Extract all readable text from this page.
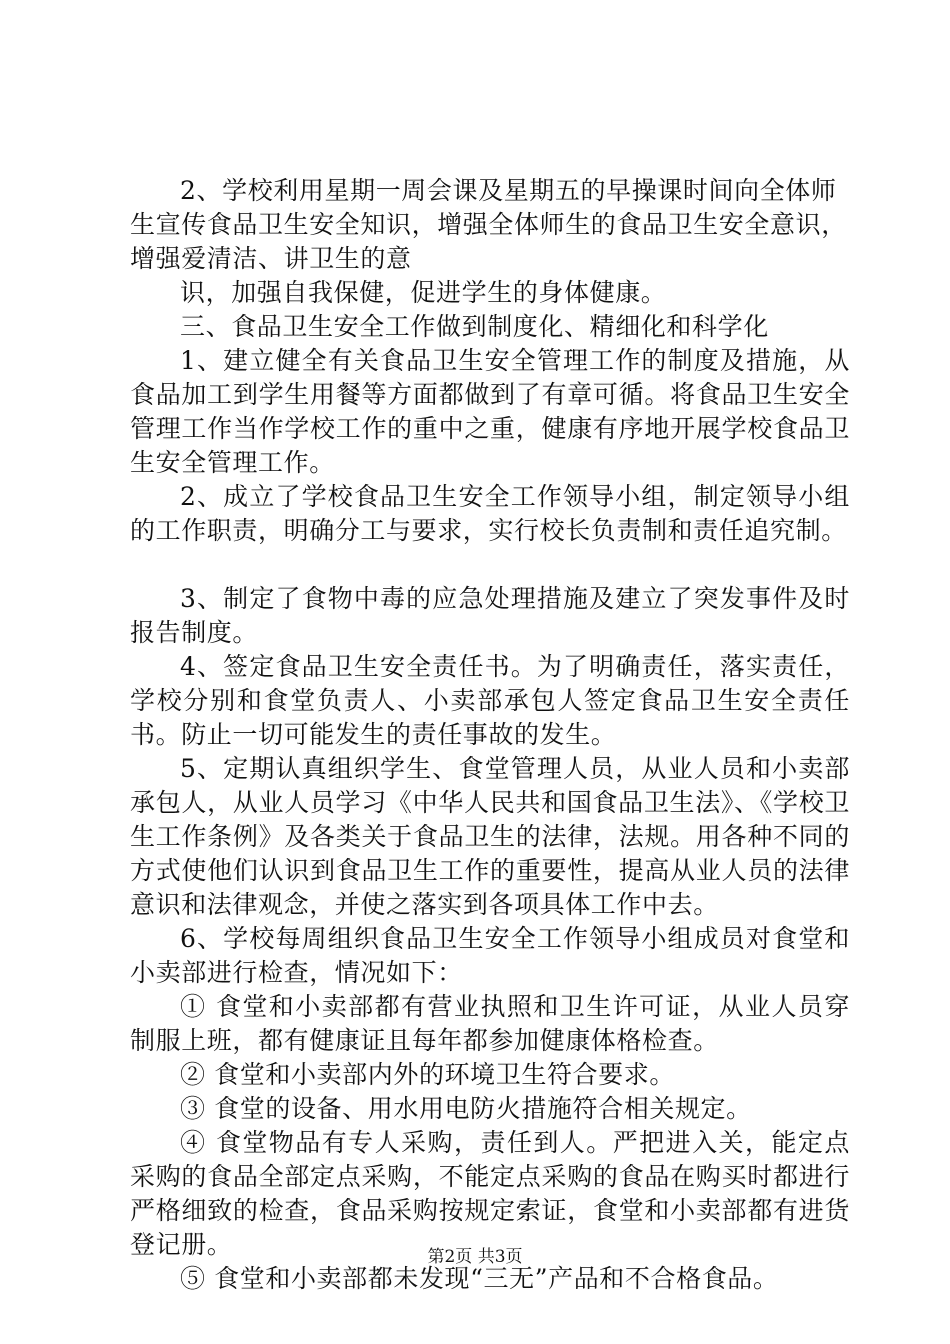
2、学校利用星期一周会课及星期五的早操课时间向全体师生宣传食品卫生安全知识，增强全体师生的食品卫生安全意识，增强爱清洁、讲卫生的意

识，加强自我保健，促进学生的身体健康。

三、食品卫生安全工作做到制度化、精细化和科学化

1、建立健全有关食品卫生安全管理工作的制度及措施，从食品加工到学生用餐等方面都做到了有章可循。将食品卫生安全管理工作当作学校工作的重中之重，健康有序地开展学校食品卫生安全管理工作。

2、成立了学校食品卫生安全工作领导小组，制定领导小组的工作职责，明确分工与要求，实行校长负责制和责任追究制。

3、制定了食物中毒的应急处理措施及建立了突发事件及时报告制度。

4、签定食品卫生安全责任书。为了明确责任，落实责任，学校分别和食堂负责人、小卖部承包人签定食品卫生安全责任书。防止一切可能发生的责任事故的发生。

5、定期认真组织学生、食堂管理人员，从业人员和小卖部承包人，从业人员学习《中华人民共和国食品卫生法》、《学校卫生工作条例》及各类关于食品卫生的法律，法规。用各种不同的方式使他们认识到食品卫生工作的重要性，提高从业人员的法律意识和法律观念，并使之落实到各项具体工作中去。

6、学校每周组织食品卫生安全工作领导小组成员对食堂和小卖部进行检查，情况如下：

① 食堂和小卖部都有营业执照和卫生许可证，从业人员穿制服上班，都有健康证且每年都参加健康体格检查。

② 食堂和小卖部内外的环境卫生符合要求。

③ 食堂的设备、用水用电防火措施符合相关规定。

④ 食堂物品有专人采购，责任到人。严把进入关，能定点采购的食品全部定点采购，不能定点采购的食品在购买时都进行严格细致的检查，食品采购按规定索证，食堂和小卖部都有进货登记册。

⑤ 食堂和小卖部都未发现“三无”产品和不合格食品。

第2页 共3页
